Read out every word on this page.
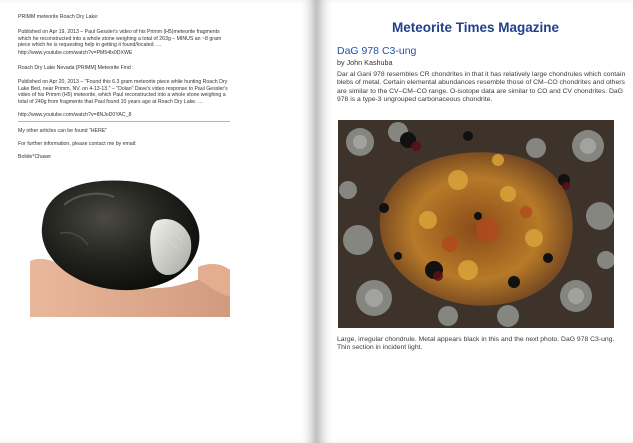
PRIMM meteorite Roach Dry Lake:
Published on Apr 19, 2013 – Paul Gessler's video of his Primm (H5)meteorite fragments which he reconstructed into a whole stone weighing a total of 263g – MINUS an ~8 gram piece which he is requesting help in getting it found/located. …
http://www.youtube.com/watch?v=PM54lx0DXWE
Roach Dry Lake Nevada [PRIMM] Meteorite Find :
Published on Apr 20, 2013 – "Found this 6.3 gram meteorite piece while hunting Roach Dry Lake Bed, near Primm, NV. on 4-13-13." – "Dolan" Dave's video response to Paul Gessler's video of his Primm (H5) meteorite, which Paul reconstructed into a whole stone weighing a total of 240g from fragments that Paul found 10 years ago at Roach Dry Lake. …
http://www.youtube.com/watch?v=8NJoD0YAC_8
My other articles can be found "HERE"
For further information, please contact me by email:
Bolide*Chaser
Meteorite Times Magazine
DaG 978 C3-ung
by John Kashuba
Dar al Gani 978 resembles CR chondrites in that it has relatively large chondrules which contain blebs of metal. Certain elemental abundances resemble those of CM–CO chondrites and others are similar to the CV–CM–CO range. O-isotope data are similar to CO and CV chondrites. DaG 978 is a type-3 ungrouped carbonaceous chondrite.
Large, irregular chondrule. Metal appears black in this and the next photo. DaG 978 C3-ung. Thin section in incident light.
